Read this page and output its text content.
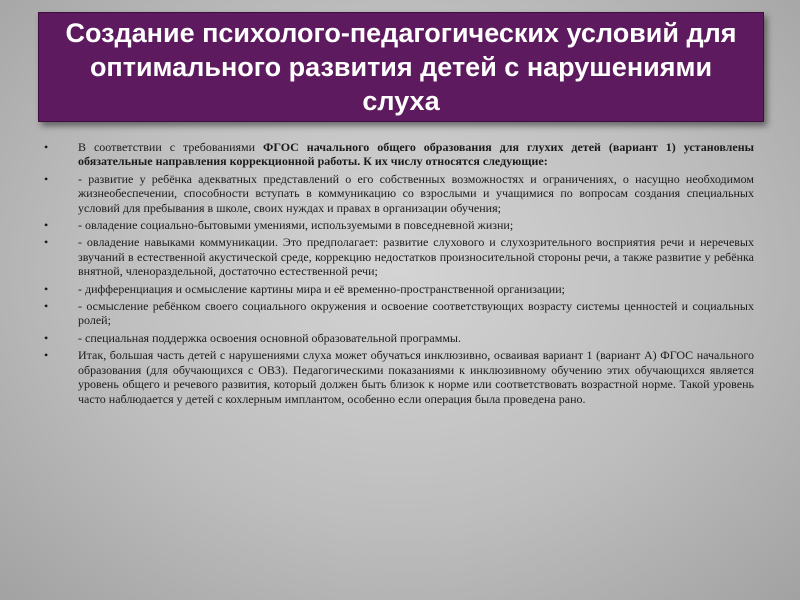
Создание психолого-педагогических условий для оптимального развития детей с нарушениями слуха
• В соответствии с требованиями ФГОС начального общего образования для глухих детей (вариант 1) установлены обязательные направления коррекционной работы. К их числу относятся следующие:
• - развитие у ребёнка адекватных представлений о его собственных возможностях и ограничениях, о насущно необходимом жизнеобеспечении, способности вступать в коммуникацию со взрослыми и учащимися по вопросам создания специальных условий для пребывания в школе, своих нуждах и правах в организации обучения;
• - овладение социально-бытовыми умениями, используемыми в повседневной жизни;
• - овладение навыками коммуникации. Это предполагает: развитие слухового и слухозрительного восприятия речи и неречевых звучаний в естественной акустической среде, коррекцию недостатков произносительной стороны речи, а также развитие у ребёнка внятной, членораздельной, достаточно естественной речи;
• - дифференциация и осмысление картины мира и её временно-пространственной организации;
• - осмысление ребёнком своего социального окружения и освоение соответствующих возрасту системы ценностей и социальных ролей;
• - специальная поддержка освоения основной образовательной программы.
• Итак, большая часть детей с нарушениями слуха может обучаться инклюзивно, осваивая вариант 1 (вариант А) ФГОС начального образования (для обучающихся с ОВЗ). Педагогическими показаниями к инклюзивному обучению этих обучающихся является уровень общего и речевого развития, который должен быть близок к норме или соответствовать возрастной норме. Такой уровень часто наблюдается у детей с кохлерным имплантом, особенно если операция была проведена рано.
